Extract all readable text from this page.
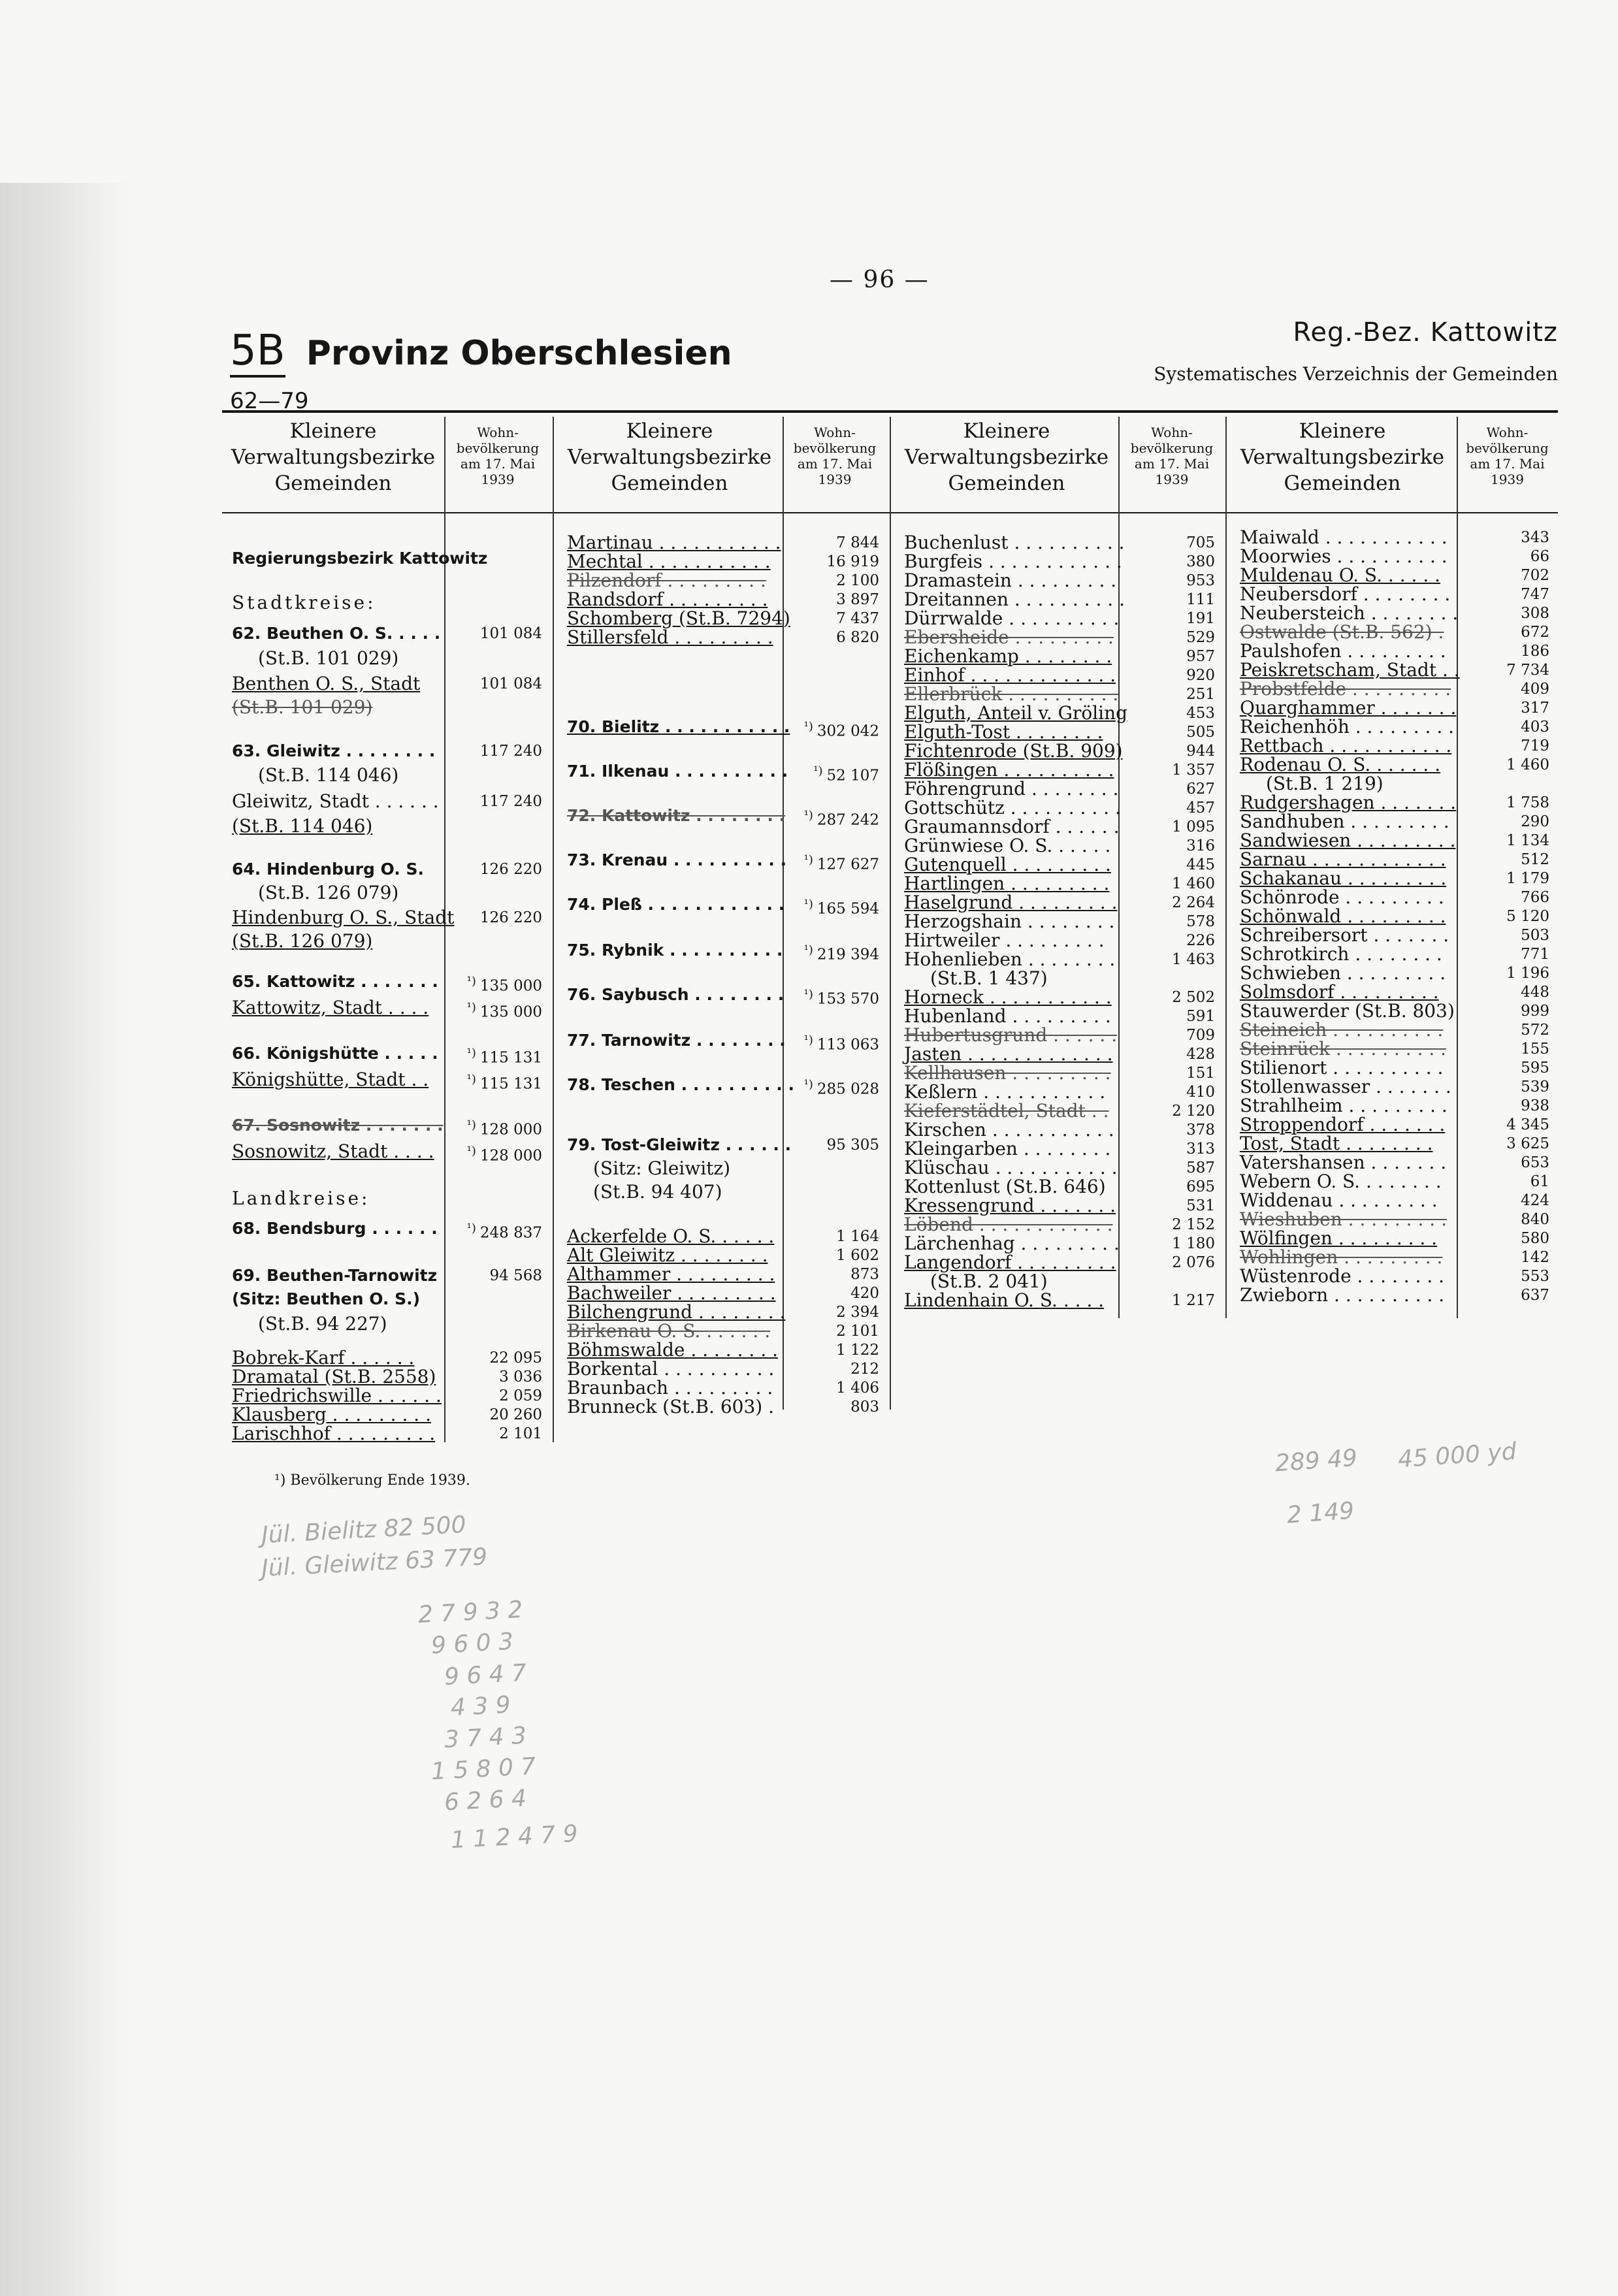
— 96 —
5B Provinz Oberschlesien
62—79
Reg.-Bez. Kattowitz
Systematisches Verzeichnis der Gemeinden
Kleinere Verwaltungsbezirke Gemeinden
Wohn- bevölkerung am 17. Mai 1939
Kleinere Verwaltungsbezirke Gemeinden
Wohn- bevölkerung am 17. Mai 1939
Kleinere Verwaltungsbezirke Gemeinden
Wohn- bevölkerung am 17. Mai 1939
Kleinere Verwaltungsbezirke Gemeinden
Wohn- bevölkerung am 17. Mai 1939
Regierungsbezirk Kattowitz
Stadtkreise:
62. Beuthen O. S. . . . .	101 084
(St.B. 101 029)
Benthen O. S., Stadt	101 084
(St.B. 101 029)
63. Gleiwitz . . . . . . . .	117 240
(St.B. 114 046)
Gleiwitz, Stadt . . . . . .	117 240
(St.B. 114 046)
64. Hindenburg O. S.	126 220
(St.B. 126 079)
Hindenburg O. S., Stadt 126 220
(St.B. 126 079)
65. Kattowitz . . . . . . . $^{^1)}$ 135 000
Kattowitz, Stadt . . . .	$^{^1)}$ 135 000
66. Königshütte . . . . . $^{^1)}$ 115 131
Königshütte, Stadt . .	$^{^1)}$ 115 131
67. Sosnowitz . . . . . . . $^{^1)}$ 128 000
Sosnowitz, Stadt . . . .	$^{^1)}$ 128 000
Landkreise:
68. Bendsburg . . . . . . $^{^1)}$ 248 837
69. Beuthen-Tarnowitz	94 568
(Sitz: Beuthen O. S.)
(St.B. 94 227)
Bobrek-Karf . . . . . .	22 095
Dramatal (St.B. 2558)	3 036
Friedrichswille . . . . . .	2 059
Klausberg . . . . . . . . .	20 260
Larischhof . . . . . . . . .	2 101
Martinau . . . . . . . . . . .	7 844
Mechtal . . . . . . . . . . .	16 919
Pilzendorf . . . . . . . . .	2 100
Randsdorf . . . . . . . . .	3 897
Schomberg (St.B. 7294)	7 437
Stillersfeld . . . . . . . . .	6 820
70. Bielitz . . . . . . . . . . . $^{^1)}$ 302 042
71. Ilkenau . . . . . . . . . . $^{^1)}$ 52 107
72. Kattowitz . . . . . . . . $^{^1)}$ 287 242
73. Krenau . . . . . . . . . . $^{^1)}$ 127 627
74. Pleß . . . . . . . . . . . . $^{^1)}$ 165 594
75. Rybnik . . . . . . . . . . $^{^1)}$ 219 394
76. Saybusch . . . . . . . . $^{^1)}$ 153 570
77. Tarnowitz . . . . . . . . $^{^1)}$ 113 063
78. Teschen . . . . . . . . . . $^{^1)}$ 285 028
79. Tost-Gleiwitz . . . . . . 95 305
(Sitz: Gleiwitz)
(St.B. 94 407)
Ackerfelde O. S. . . . . .	1 164
Alt Gleiwitz . . . . . . . .	1 602
Althammer . . . . . . . . .	873
Bachweiler . . . . . . . . .	420
Bilchengrund . . . . . . . .	2 394
Birkenau O. S. . . . . . .	2 101
Böhmswalde . . . . . . . .	1 122
Borkental . . . . . . . . . .	212
Braunbach . . . . . . . . .	1 406
Brunneck (St.B. 603) .	803
Buchenlust . . . . . . . . . .	705
Burgfeis . . . . . . . . . . . .	380
Dramastein . . . . . . . . .	953
Dreitannen . . . . . . . . . .	111
Dürrwalde . . . . . . . . . .	191
Ebersheide . . . . . . . . .	529
Eichenkamp . . . . . . . .	957
Einhof . . . . . . . . . . . . .	920
Ellerbrück . . . . . . . . . .	251
Elguth, Anteil v. Gröling	453
Elguth-Tost . . . . . . . .	505
Fichtenrode (St.B. 909)	944
Flößingen . . . . . . . . . .	1 357
Föhrengrund . . . . . . . .	627
Gottschütz . . . . . . . . . .	457
Graumannsdorf . . . . . .	1 095
Grünwiese O. S. . . . . .	316
Gutenquell . . . . . . . . .	445
Hartlingen . . . . . . . . .	1 460
Haselgrund . . . . . . . . .	2 264
Herzogshain . . . . . . . .	578
Hirtweiler . . . . . . . . .	226
Hohenlieben . . . . . . . .	1 463
(St.B. 1 437)
Horneck . . . . . . . . . . .	2 502
Hubenland . . . . . . . . .	591
Hubertusgrund . . . . . .	709
Jasten . . . . . . . . . . . . .	428
Kellhausen . . . . . . . . .	151
Keßlern . . . . . . . . . . .	410
Kieferstädtel, Stadt . .	2 120
Kirschen . . . . . . . . . . .	378
Kleingarben . . . . . . . .	313
Klüschau . . . . . . . . . . .	587
Kottenlust (St.B. 646)	695
Kressengrund . . . . . . .	531
Löbend . . . . . . . . . . . .	2 152
Lärchenhag . . . . . . . . .	1 180
Langendorf . . . . . . . . .	2 076
(St.B. 2 041)
Lindenhain O. S. . . . .	1 217
Maiwald . . . . . . . . . . .	343
Moorwies . . . . . . . . . .	66
Muldenau O. S. . . . . .	702
Neubersdorf . . . . . . . .	747
Neubersteich . . . . . . . .	308
Ostwalde (St.B. 562) .	672
Paulshofen . . . . . . . . .	186
Peiskretscham, Stadt . .	7 734
Probstfelde . . . . . . . . .	409
Quarghammer . . . . . . .	317
Reichenhöh . . . . . . . . .	403
Rettbach . . . . . . . . . . .	719
Rodenau O. S. . . . . . .	1 460
(St.B. 1 219)
Rudgershagen . . . . . . .	1 758
Sandhuben . . . . . . . . .	290
Sandwiesen . . . . . . . . .	1 134
Sarnau . . . . . . . . . . . .	512
Schakanau . . . . . . . . .	1 179
Schönrode . . . . . . . . .	766
Schönwald . . . . . . . . .	5 120
Schreibersort . . . . . . .	503
Schrotkirch . . . . . . . .	771
Schwieben . . . . . . . . .	1 196
Solmsdorf . . . . . . . . .	448
Stauwerder (St.B. 803)	999
Steineich . . . . . . . . . .	572
Steinrück . . . . . . . . . .	155
Stilienort . . . . . . . . . .	595
Stollenwasser . . . . . . .	539
Strahlheim . . . . . . . . .	938
Stroppendorf . . . . . . .	4 345
Tost, Stadt . . . . . . . .	3 625
Vatershansen . . . . . . .	653
Webern O. S. . . . . . . .	61
Widdenau . . . . . . . . .	424
Wieshuben . . . . . . . . .	840
Wölfingen . . . . . . . . .	580
Wohlingen . . . . . . . . .	142
Wüstenrode . . . . . . . .	553
Zwieborn . . . . . . . . . .	637
¹) Bevölkerung Ende 1939.
Jül. Bielitz 82 500
Jül. Gleiwitz 63 779
2 7 9 3 2
9 6 0 3
9 6 4 7
4 3 9
3 7 4 3
1 5 8 0 7
6 2 6 4
1 1 2 4 7 9
289 49 45 000 yd
2 149
